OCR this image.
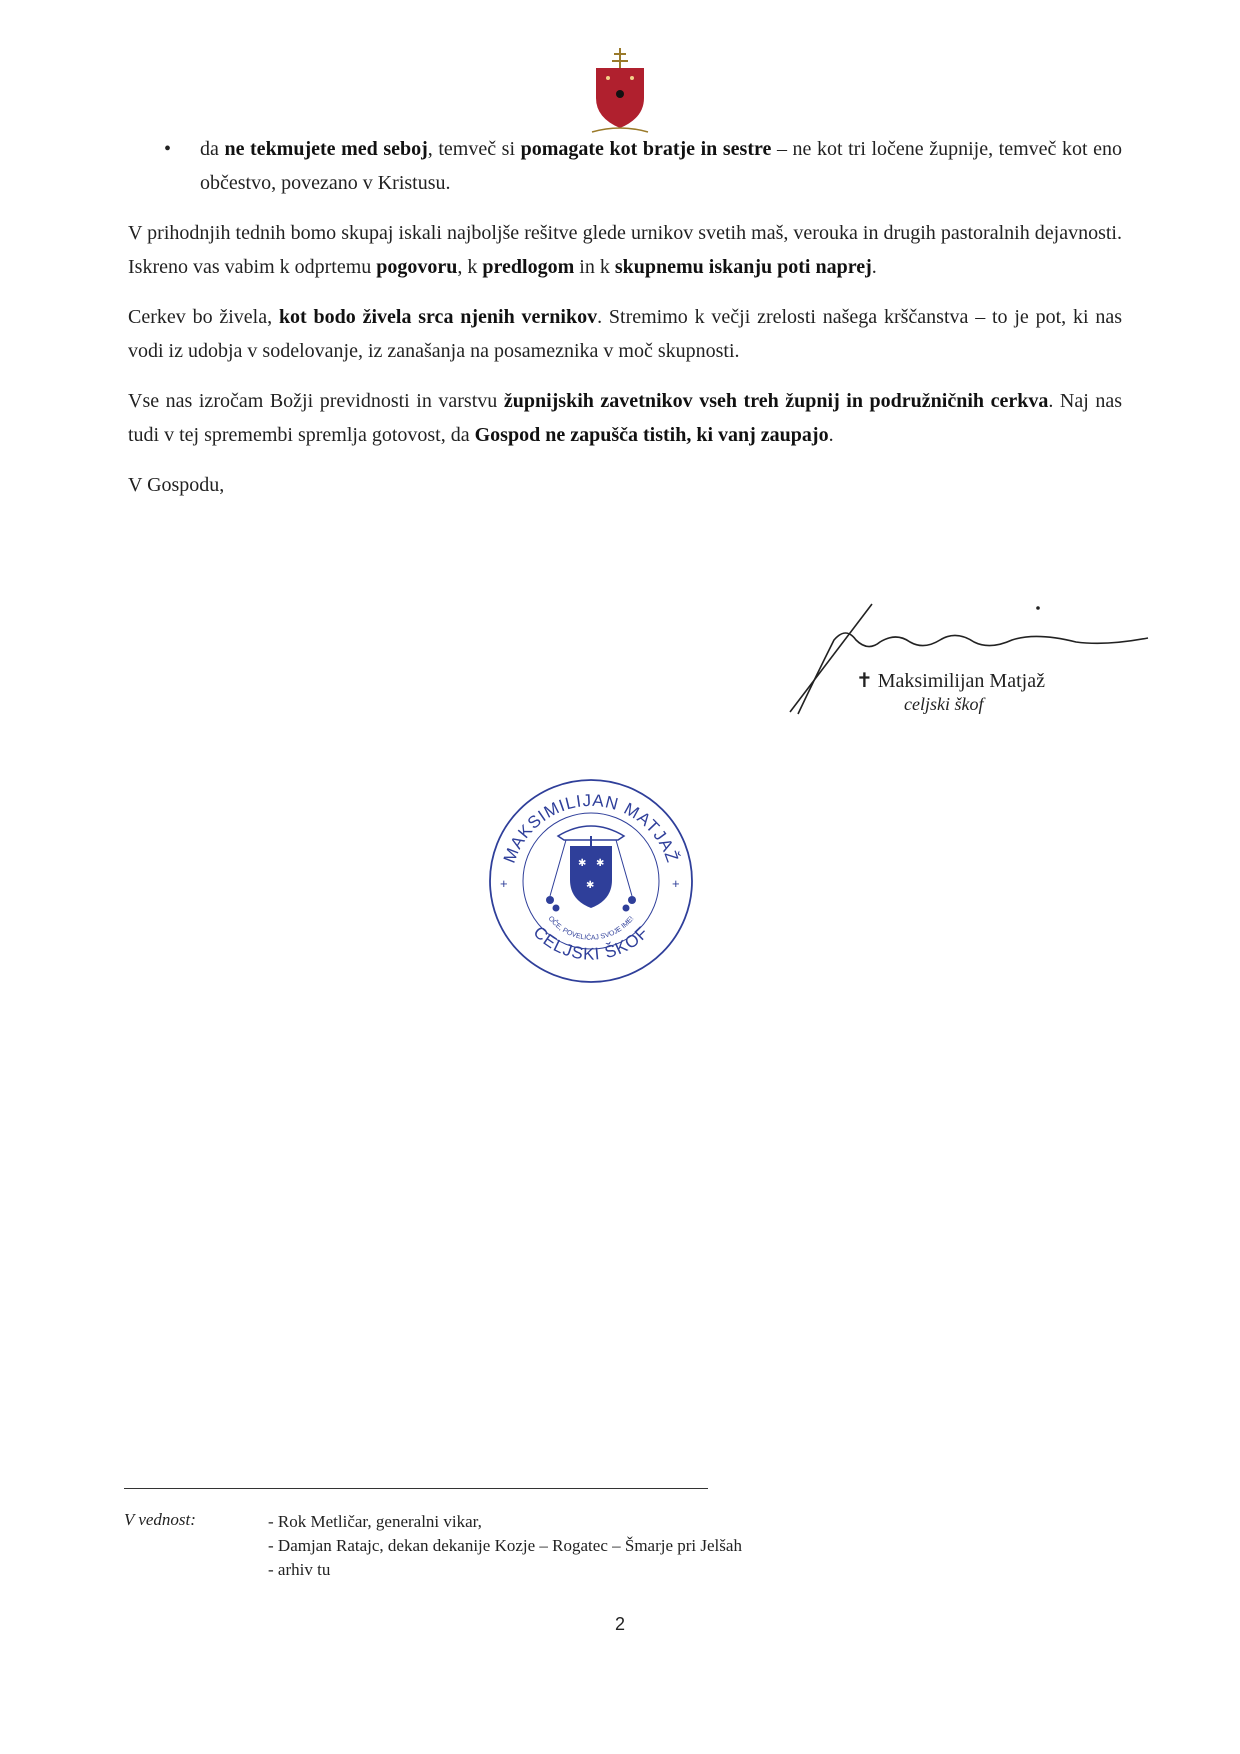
• da ne tekmujete med seboj, temveč si pomagate kot bratje in sestre – ne kot tri ločene župnije, temveč kot eno občestvo, povezano v Kristusu.

V prihodnjih tednih bomo skupaj iskali najboljše rešitve glede urnikov svetih maš, verouka in drugih pastoralnih dejavnosti. Iskreno vas vabim k odprtemu pogovoru, k predlogom in k skupnemu iskanju poti naprej.

Cerkev bo živela, kot bodo živela srca njenih vernikov. Stremimo k večji zrelosti našega krščanstva – to je pot, ki nas vodi iz udobja v sodelovanje, iz zanašanja na posameznika v moč skupnosti.

Vse nas izročam Božji previdnosti in varstvu župnijskih zavetnikov vseh treh župnij in podružničnih cerkva. Naj nas tudi v tej spremembi spremlja gotovost, da Gospod ne zapušča tistih, ki vanj zaupajo.

V Gospodu,

✝ Maksimilijan Matjaž
celjski škof
MAKSIMILIJAN MATJAŽ
CELJSKI ŠKOF
OČE, POVELIČAJ SVOJE IME!
+	+
✱ ✱
✱
V vednost:	- Rok Metličar, generalni vikar,
- Damjan Ratajc, dekan dekanije Kozje – Rogatec – Šmarje pri Jelšah
- arhiv tu
2
